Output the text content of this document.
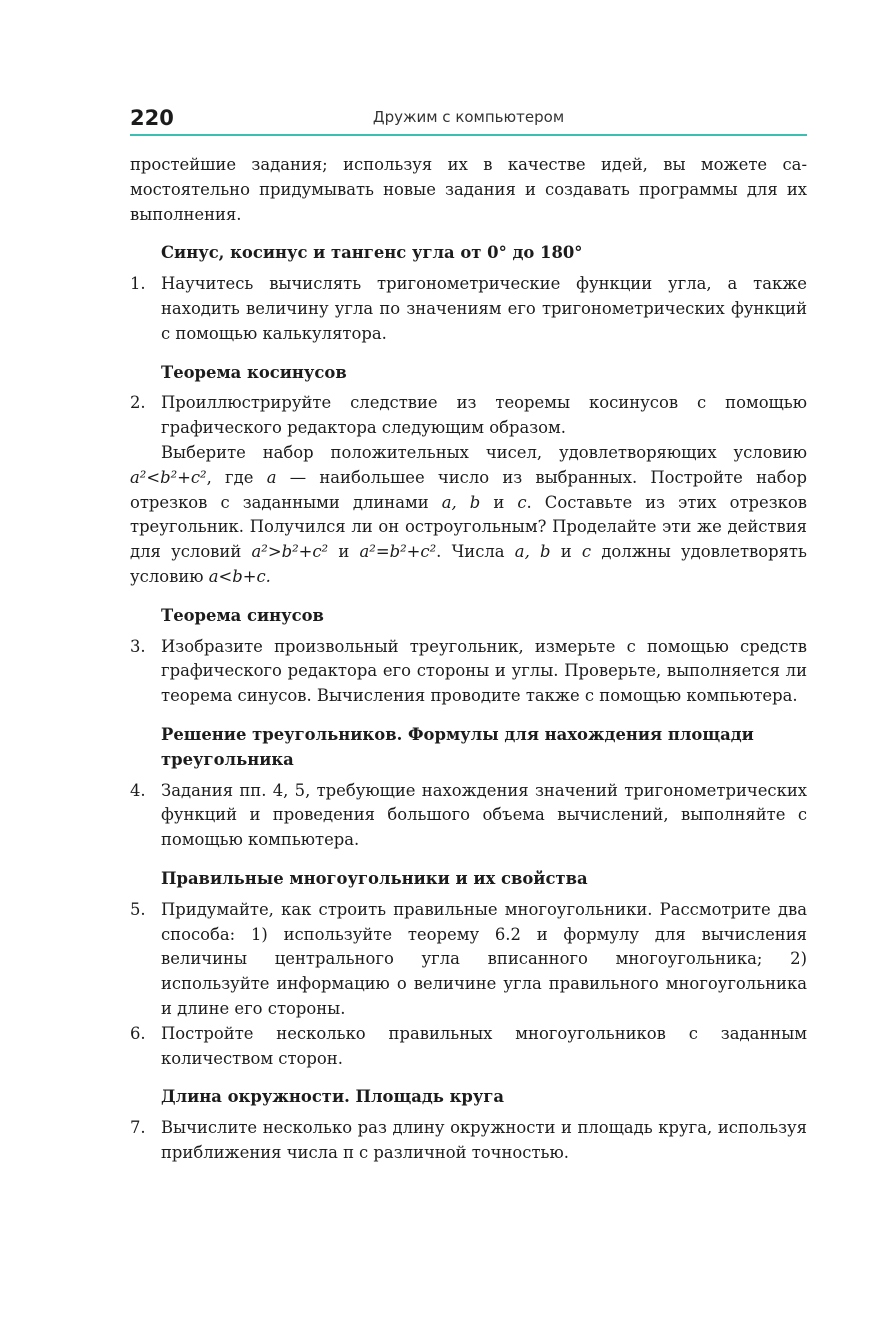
220	Дружим с компьютером

простейшие задания; используя их в качестве идей, вы можете самостоятельно придумывать новые задания и создавать программы для их выполнения.

Синус, косинус и тангенс угла от 0° до 180°
1. Научитесь вычислять тригонометрические функции угла, а также находить величину угла по значениям его тригонометрических функций с помощью калькулятора.
Теорема косинусов
2. Проиллюстрируйте следствие из теоремы косинусов с помощью графического редактора следующим образом.
Выберите набор положительных чисел, удовлетворяющих условию a²<b²+c², где a — наибольшее число из выбранных. Постройте набор отрезков с заданными длинами a, b и c. Составьте из этих отрезков треугольник. Получился ли он остроугольным? Проделайте эти же действия для условий a²>b²+c² и a²=b²+c². Числа a, b и c должны удовлетворять условию a<b+c.
Теорема синусов
3. Изобразите произвольный треугольник, измерьте с помощью средств графического редактора его стороны и углы. Проверьте, выполняется ли теорема синусов. Вычисления проводите также с помощью компьютера.
Решение треугольников. Формулы для нахождения площади треугольника
4. Задания пп. 4, 5, требующие нахождения значений тригонометрических функций и проведения большого объема вычислений, выполняйте с помощью компьютера.
Правильные многоугольники и их свойства
5. Придумайте, как строить правильные многоугольники. Рассмотрите два способа: 1) используйте теорему 6.2 и формулу для вычисления величины центрального угла вписанного многоугольника; 2) используйте информацию о величине угла правильного многоугольника и длине его стороны.
6. Постройте несколько правильных многоугольников с заданным количеством сторон.
Длина окружности. Площадь круга
7. Вычислите несколько раз длину окружности и площадь круга, используя приближения числа π с различной точностью.
